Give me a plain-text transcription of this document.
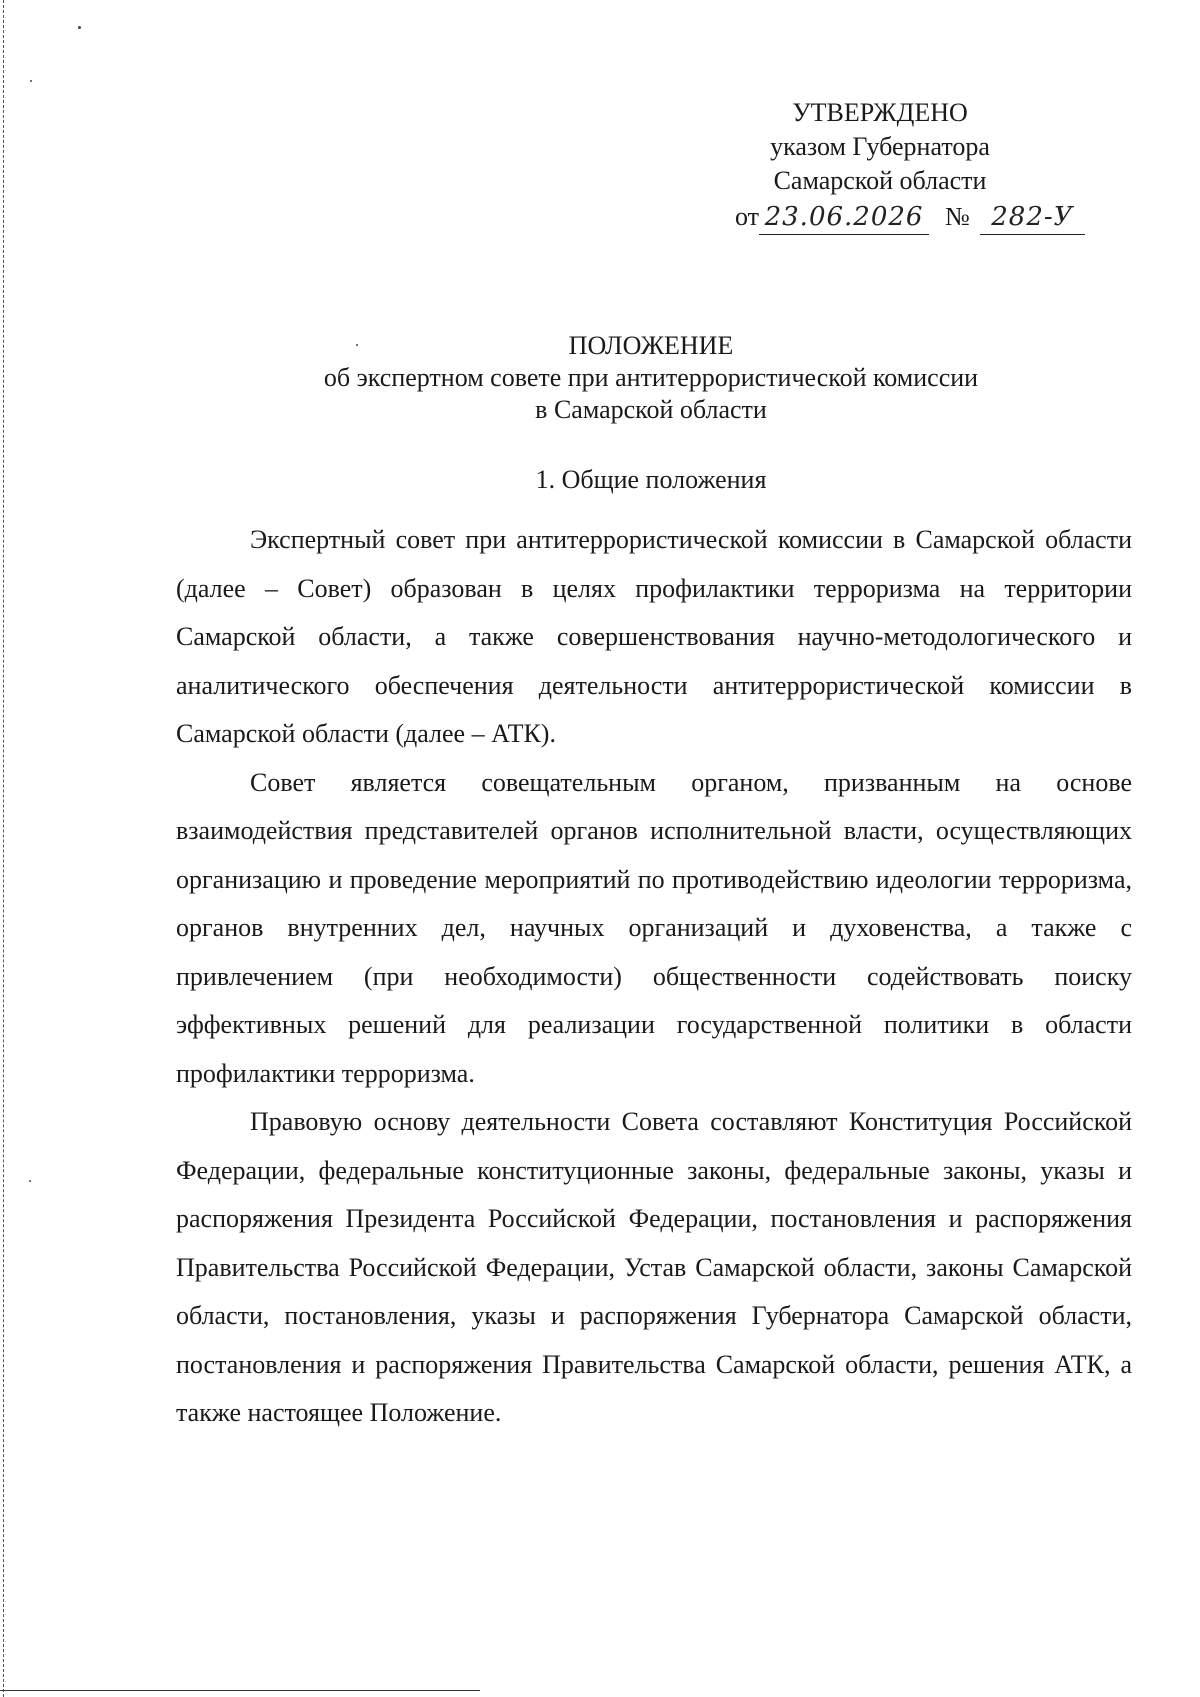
УТВЕРЖДЕНО
указом Губернатора
Самарской области
от 23.06.2026 № 282-У
ПОЛОЖЕНИЕ
об экспертном совете при антитеррористической комиссии
в Самарской области
1. Общие положения

Экспертный совет при антитеррористической комиссии в Самарской области (далее – Совет) образован в целях профилактики терроризма на территории Самарской области, а также совершенствования научно-методологического и аналитического обеспечения деятельности антитеррористической комиссии в Самарской области (далее – АТК).

Совет является совещательным органом, призванным на основе взаимодействия представителей органов исполнительной власти, осуществляющих организацию и проведение мероприятий по противодействию идеологии терроризма, органов внутренних дел, научных организаций и духовенства, а также с привлечением (при необходимости) общественности содействовать поиску эффективных решений для реализации государственной политики в области профилактики терроризма.

Правовую основу деятельности Совета составляют Конституция Российской Федерации, федеральные конституционные законы, федеральные законы, указы и распоряжения Президента Российской Федерации, постановления и распоряжения Правительства Российской Федерации, Устав Самарской области, законы Самарской области, постановления, указы и распоряжения Губернатора Самарской области, постановления и распоряжения Правительства Самарской области, решения АТК, а также настоящее Положение.
